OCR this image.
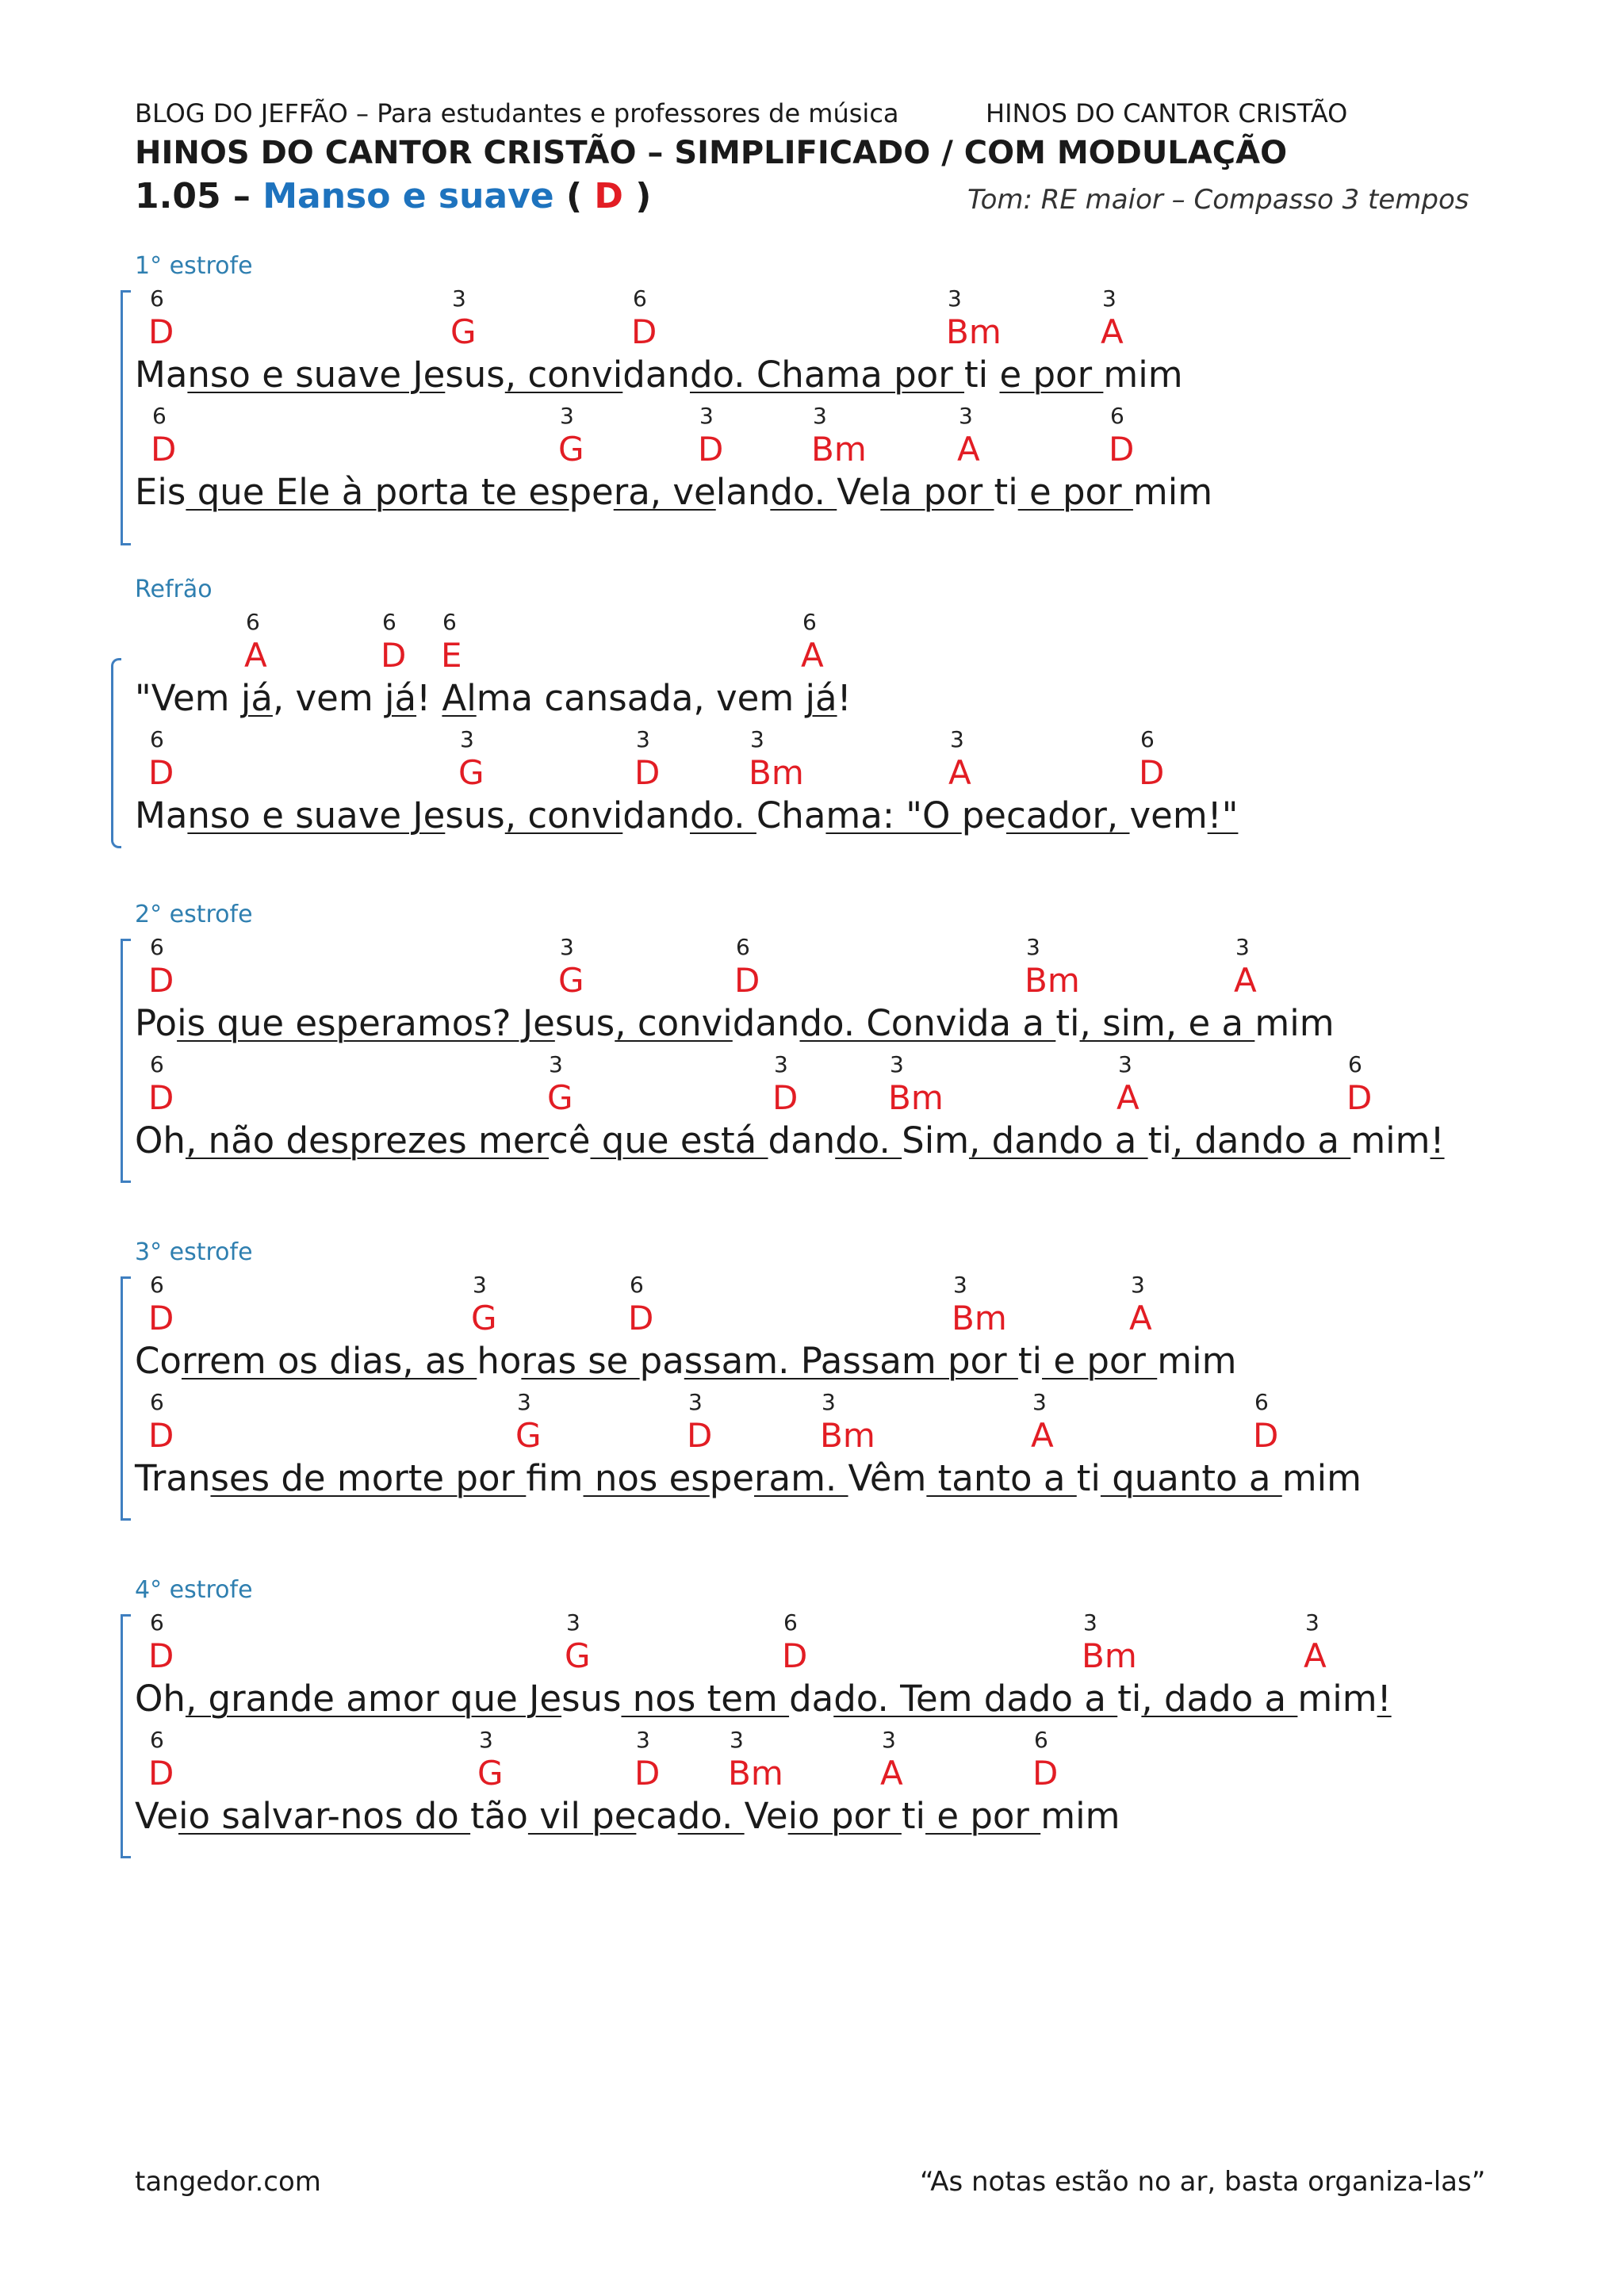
BLOG DO JEFFÃO – Para estudantes e professores de música	HINOS DO CANTOR CRISTÃO
HINOS DO CANTOR CRISTÃO – SIMPLIFICADO / COM MODULAÇÃO
1.05 – Manso e suave ( D )	Tom: RE maior – Compasso 3 tempos
1° estrofe
Refrão
2° estrofe
3° estrofe
4° estrofe
6
D
3
G
6
D
3
Bm
3
A
6
D
3
G
3
D
3
Bm
3
A
6
D
6
A
6
D
6
E
6
A
6
D
3
G
3
D
3
Bm
3
A
6
D
6
D
3
G
6
D
3
Bm
3
A
6
D
3
G
3
D
3
Bm
3
A
6
D
6
D
3
G
6
D
3
Bm
3
A
6
D
3
G
3
D
3
Bm
3
A
6
D
6
D
3
G
6
D
3
Bm
3
A
6
D
3
G
3
D
3
Bm
3
A
6
D
Manso e suave Jesus, convidando. Chama por ti e por mim
Eis que Ele à porta te espera, velando. Vela por ti e por mim
"Vem já, vem já! Alma cansada, vem já!
Manso e suave Jesus, convidando. Chama: "O pecador, vem!"
Pois que esperamos? Jesus, convidando. Convida a ti, sim, e a mim
Oh, não desprezes mercê que está dando. Sim, dando a ti, dando a mim!
Correm os dias, as horas se passam. Passam por ti e por mim
Transes de morte por fim nos esperam. Vêm tanto a ti quanto a mim
Oh, grande amor que Jesus nos tem dado. Tem dado a ti, dado a mim!
Veio salvar-nos do tão vil pecado. Veio por ti e por mim
tangedor.com	“As notas estão no ar, basta organiza-las”
